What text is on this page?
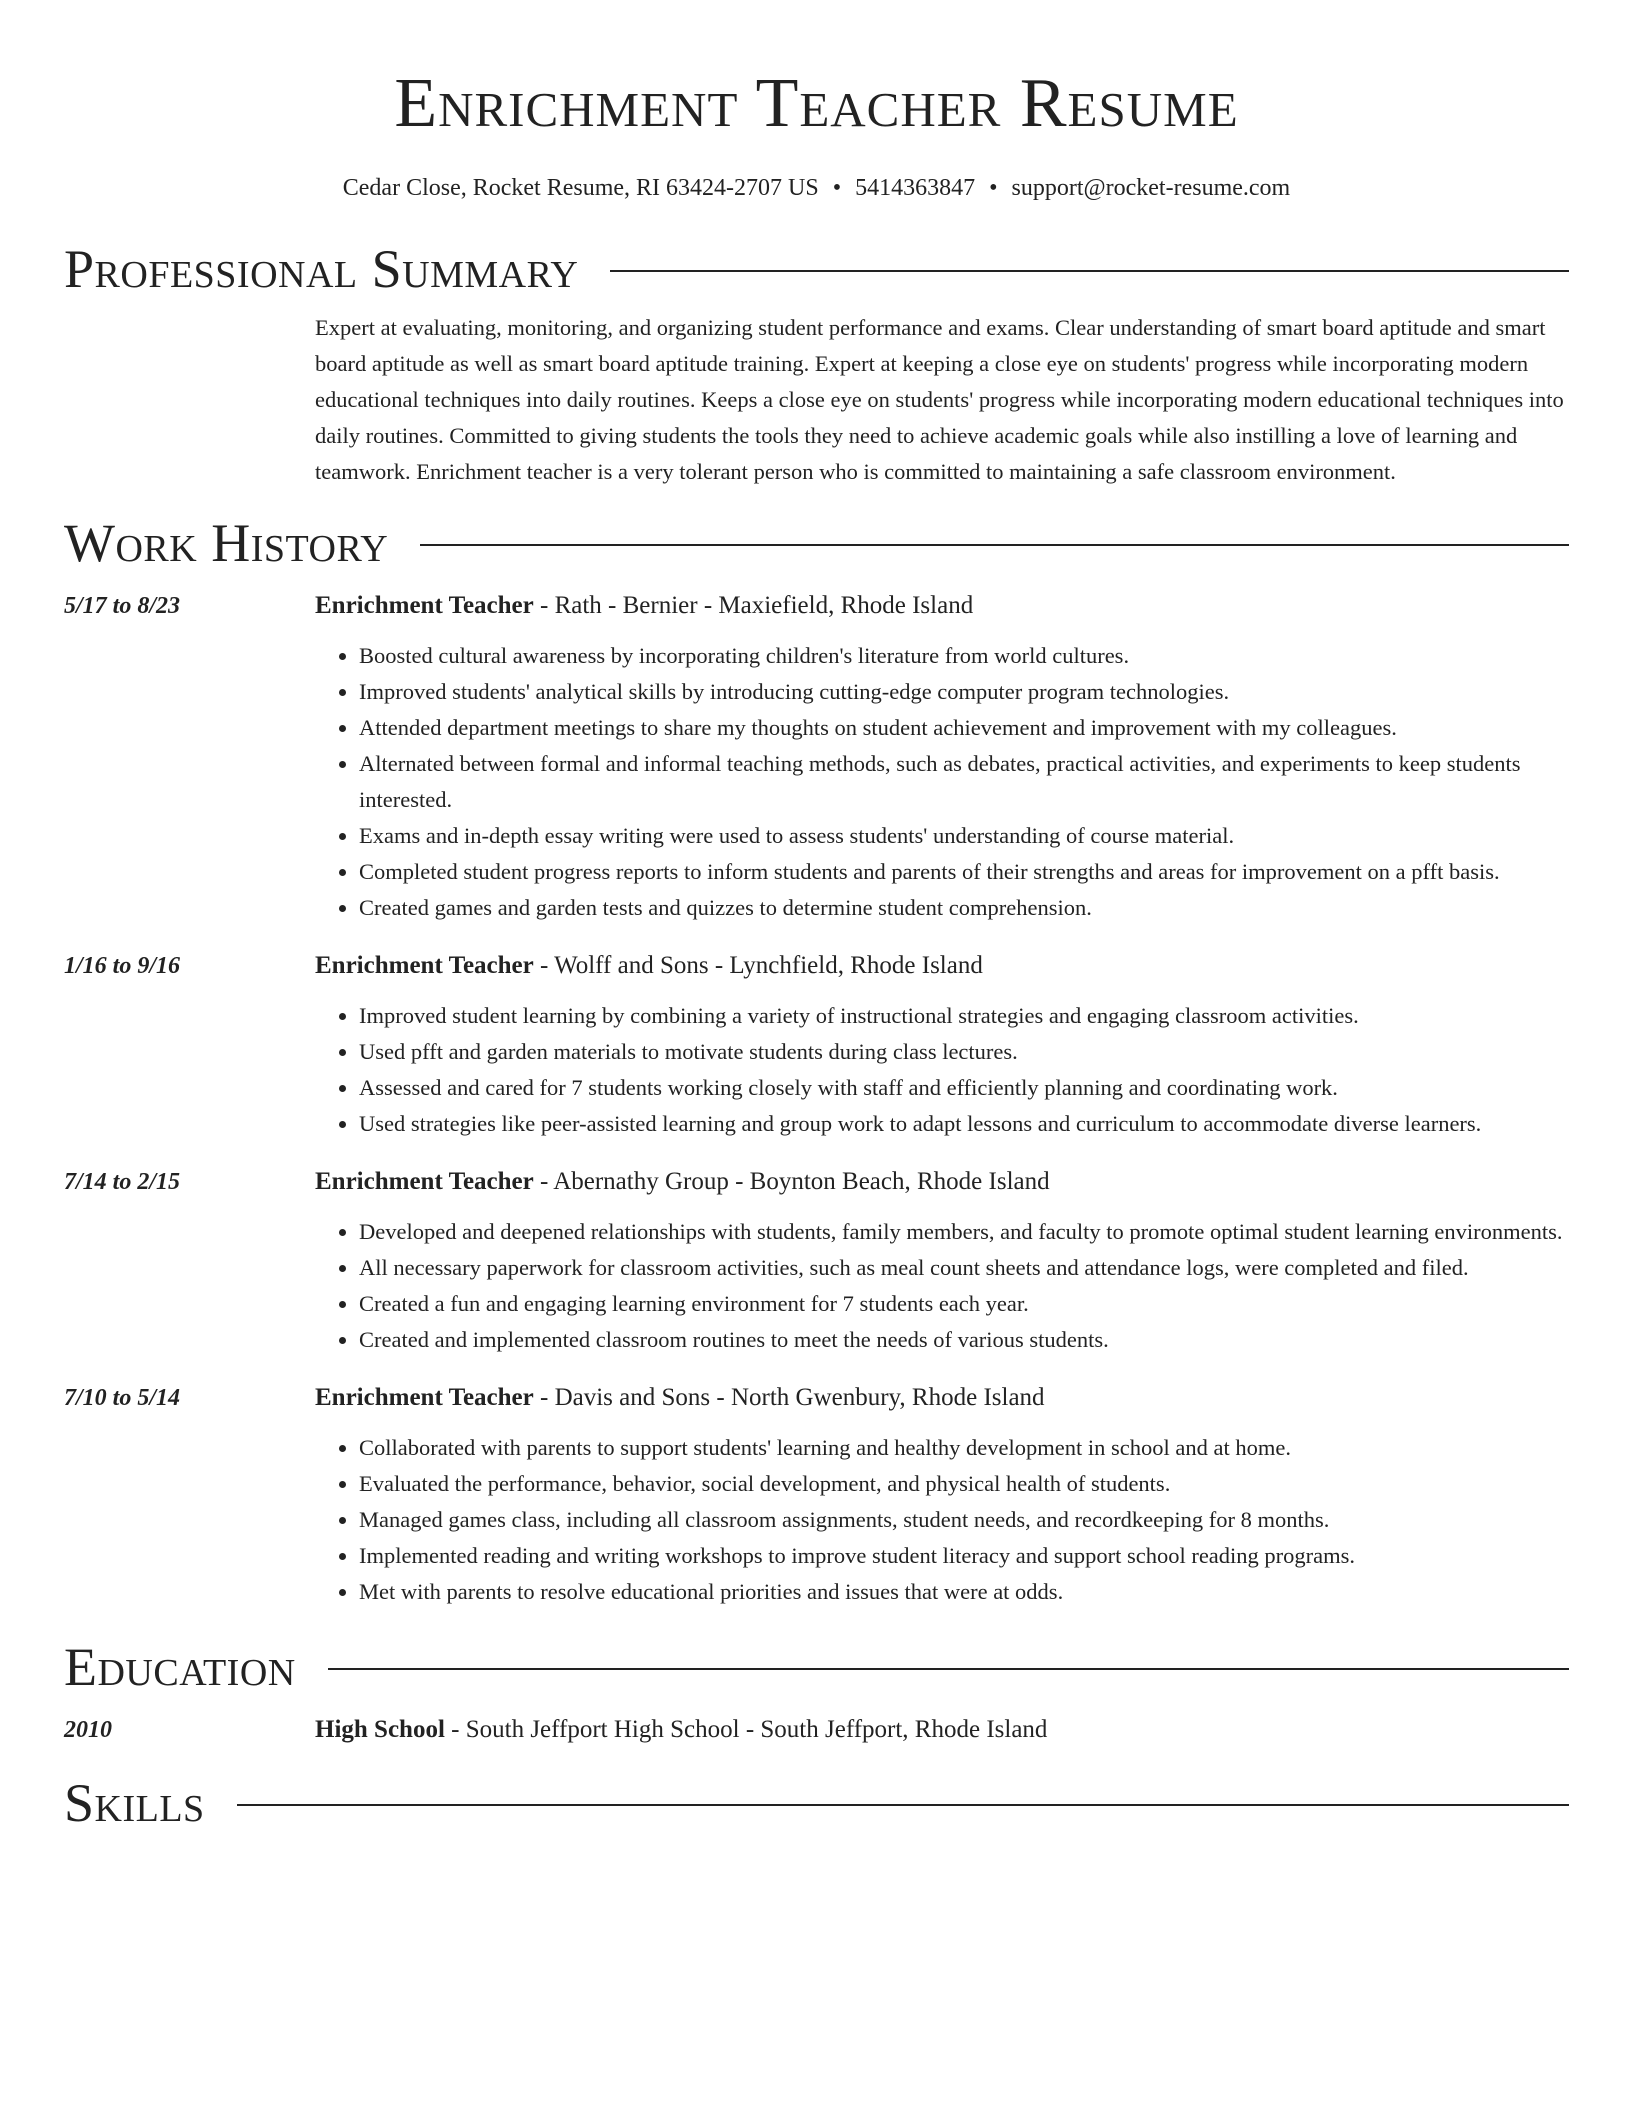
Enrichment Teacher Resume
Cedar Close, Rocket Resume, RI 63424-2707 US • 5414363847 • support@rocket-resume.com
Professional Summary
Expert at evaluating, monitoring, and organizing student performance and exams. Clear understanding of smart board aptitude and smart board aptitude as well as smart board aptitude training. Expert at keeping a close eye on students' progress while incorporating modern educational techniques into daily routines. Keeps a close eye on students' progress while incorporating modern educational techniques into daily routines. Committed to giving students the tools they need to achieve academic goals while also instilling a love of learning and teamwork. Enrichment teacher is a very tolerant person who is committed to maintaining a safe classroom environment.
Work History
5/17 to 8/23	Enrichment Teacher - Rath - Bernier - Maxiefield, Rhode Island
• Boosted cultural awareness by incorporating children's literature from world cultures.
• Improved students' analytical skills by introducing cutting-edge computer program technologies.
• Attended department meetings to share my thoughts on student achievement and improvement with my colleagues.
• Alternated between formal and informal teaching methods, such as debates, practical activities, and experiments to keep students interested.
• Exams and in-depth essay writing were used to assess students' understanding of course material.
• Completed student progress reports to inform students and parents of their strengths and areas for improvement on a pfft basis.
• Created games and garden tests and quizzes to determine student comprehension.
1/16 to 9/16	Enrichment Teacher - Wolff and Sons - Lynchfield, Rhode Island
• Improved student learning by combining a variety of instructional strategies and engaging classroom activities.
• Used pfft and garden materials to motivate students during class lectures.
• Assessed and cared for 7 students working closely with staff and efficiently planning and coordinating work.
• Used strategies like peer-assisted learning and group work to adapt lessons and curriculum to accommodate diverse learners.
7/14 to 2/15	Enrichment Teacher - Abernathy Group - Boynton Beach, Rhode Island
• Developed and deepened relationships with students, family members, and faculty to promote optimal student learning environments.
• All necessary paperwork for classroom activities, such as meal count sheets and attendance logs, were completed and filed.
• Created a fun and engaging learning environment for 7 students each year.
• Created and implemented classroom routines to meet the needs of various students.
7/10 to 5/14	Enrichment Teacher - Davis and Sons - North Gwenbury, Rhode Island
• Collaborated with parents to support students' learning and healthy development in school and at home.
• Evaluated the performance, behavior, social development, and physical health of students.
• Managed games class, including all classroom assignments, student needs, and recordkeeping for 8 months.
• Implemented reading and writing workshops to improve student literacy and support school reading programs.
• Met with parents to resolve educational priorities and issues that were at odds.
Education
2010	High School - South Jeffport High School - South Jeffport, Rhode Island
Skills
